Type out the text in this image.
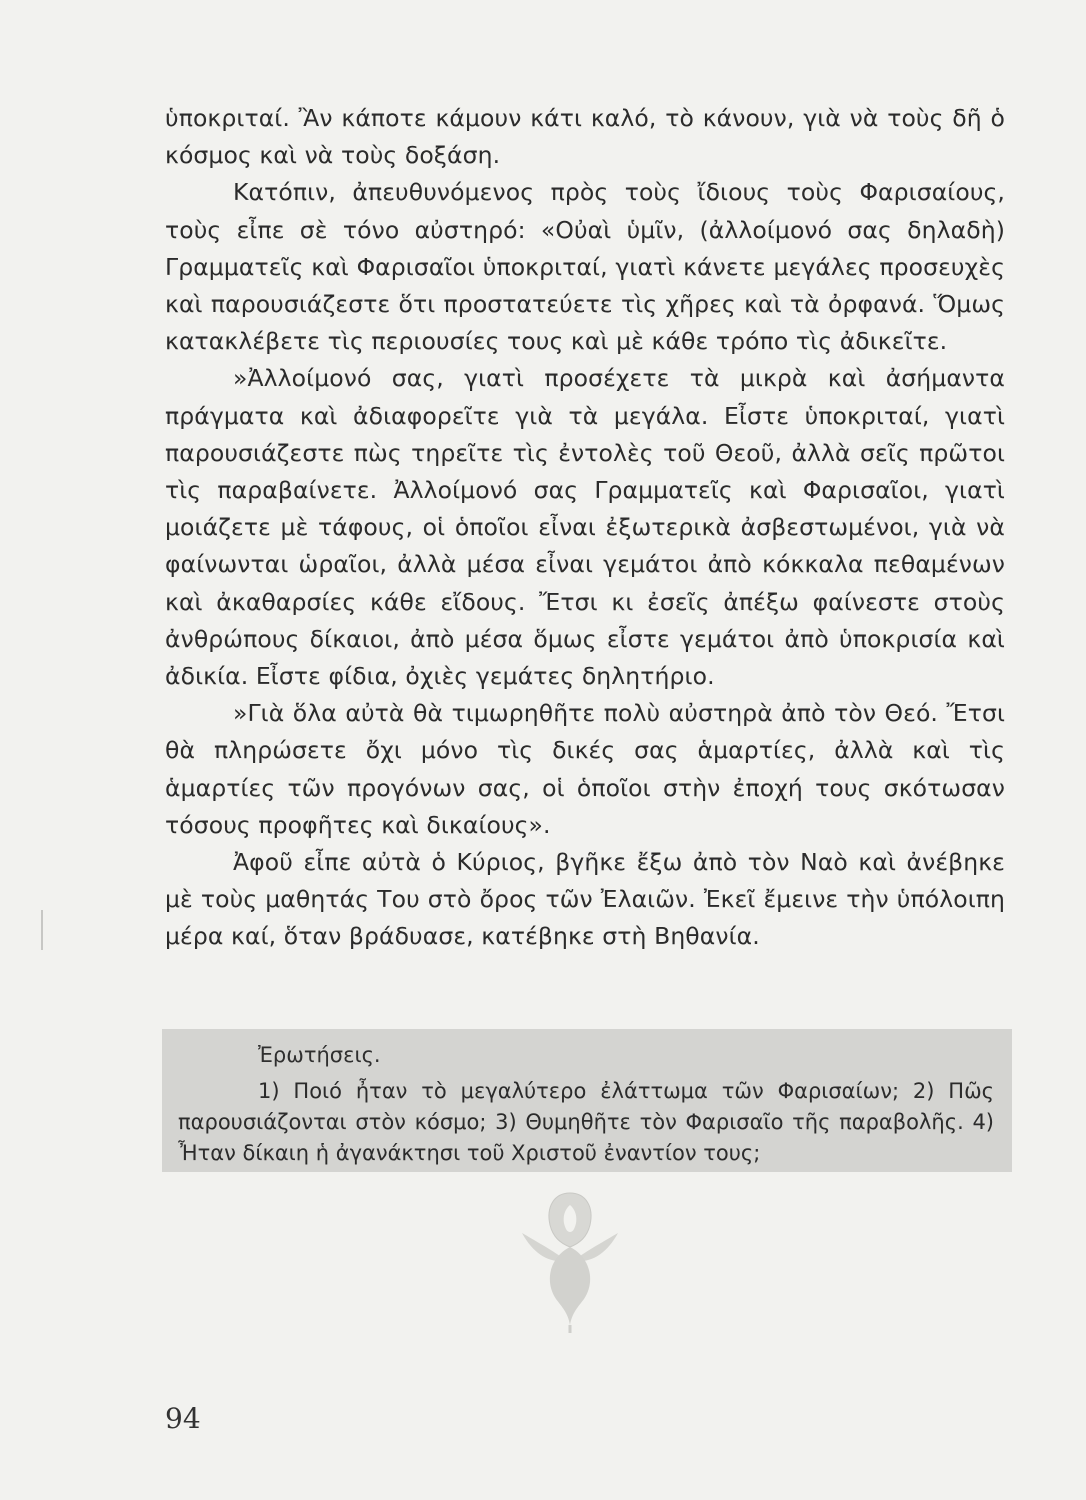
ὑποκριταί. Ἂν κάποτε κάμουν κάτι καλό, τὸ κάνουν, γιὰ νὰ τοὺς δῆ ὁ κόσμος καὶ νὰ τοὺς δοξάση.

Κατόπιν, ἀπευθυνόμενος πρὸς τοὺς ἴδιους τοὺς Φαρισαίους, τοὺς εἶπε σὲ τόνο αὐστηρό: «Οὐαὶ ὑμῖν, (ἀλλοίμονό σας δηλαδὴ) Γραμματεῖς καὶ Φαρισαῖοι ὑποκριταί, γιατὶ κάνετε μεγάλες προσευχὲς καὶ παρουσιάζεστε ὅτι προστατεύετε τὶς χῆρες καὶ τὰ ὀρφανά. Ὅμως κατακλέβετε τὶς περιουσίες τους καὶ μὲ κάθε τρόπο τὶς ἀδικεῖτε.

»Ἀλλοίμονό σας, γιατὶ προσέχετε τὰ μικρὰ καὶ ἀσήμαντα πράγματα καὶ ἀδιαφορεῖτε γιὰ τὰ μεγάλα. Εἶστε ὑποκριταί, γιατὶ παρουσιάζεστε πὼς τηρεῖτε τὶς ἐντολὲς τοῦ Θεοῦ, ἀλλὰ σεῖς πρῶτοι τὶς παραβαίνετε. Ἀλλοίμονό σας Γραμματεῖς καὶ Φαρισαῖοι, γιατὶ μοιάζετε μὲ τάφους, οἱ ὁποῖοι εἶναι ἐξωτερικὰ ἀσβεστωμένοι, γιὰ νὰ φαίνωνται ὡραῖοι, ἀλλὰ μέσα εἶναι γεμάτοι ἀπὸ κόκκαλα πεθαμένων καὶ ἀκαθαρσίες κάθε εἴδους. Ἔτσι κι ἐσεῖς ἀπέξω φαίνεστε στοὺς ἀνθρώπους δίκαιοι, ἀπὸ μέσα ὅμως εἶστε γεμάτοι ἀπὸ ὑποκρισία καὶ ἀδικία. Εἶστε φίδια, ὀχιὲς γεμάτες δηλητήριο.

»Γιὰ ὅλα αὐτὰ θὰ τιμωρηθῆτε πολὺ αὐστηρὰ ἀπὸ τὸν Θεό. Ἔτσι θὰ πληρώσετε ὄχι μόνο τὶς δικές σας ἁμαρτίες, ἀλλὰ καὶ τὶς ἁμαρτίες τῶν προγόνων σας, οἱ ὁποῖοι στὴν ἐποχή τους σκότωσαν τόσους προφῆτες καὶ δικαίους».

Ἀφοῦ εἶπε αὐτὰ ὁ Κύριος, βγῆκε ἔξω ἀπὸ τὸν Ναὸ καὶ ἀνέβηκε μὲ τοὺς μαθητάς Του στὸ ὄρος τῶν Ἐλαιῶν. Ἐκεῖ ἔμεινε τὴν ὑπόλοιπη μέρα καί, ὅταν βράδυασε, κατέβηκε στὴ Βηθανία.

Ἐρωτήσεις.

1) Ποιό ἦταν τὸ μεγαλύτερο ἐλάττωμα τῶν Φαρισαίων; 2) Πῶς παρουσιάζονται στὸν κόσμο; 3) Θυμηθῆτε τὸν Φαρισαῖο τῆς παραβολῆς. 4) Ἦταν δίκαιη ἡ ἀγανάκτησι τοῦ Χριστοῦ ἐναντίον τους;

94
